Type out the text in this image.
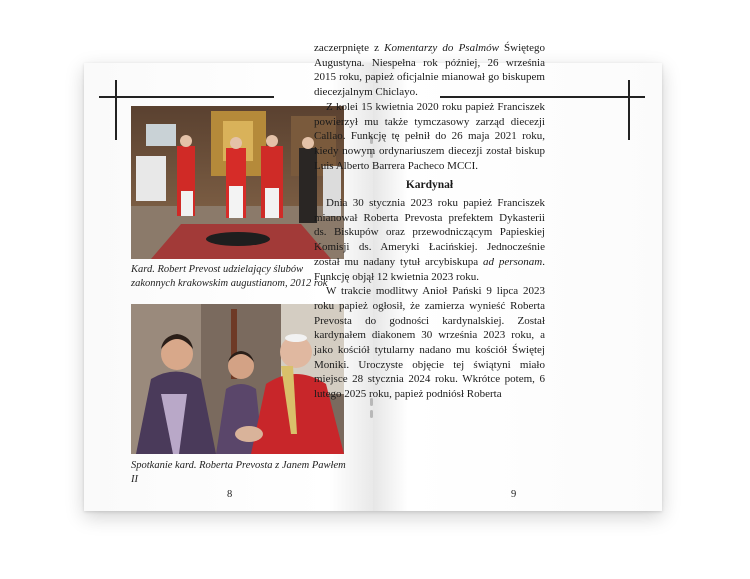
Kard. Robert Prevost udzielający ślubów zakonnych krakowskim augustianom, 2012 rok
Spotkanie kard. Roberta Prevosta z Janem Pawłem II
8	9

zaczerpnięte z Komentarzy do Psalmów Świętego Augustyna. Niespełna rok później, 26 września 2015 roku, papież oficjalnie mianował go biskupem diecezjalnym Chiclayo.

Z kolei 15 kwietnia 2020 roku papież Franciszek powierzył mu także tymczasowy zarząd diecezji Callao. Funkcję tę pełnił do 26 maja 2021 roku, kiedy nowym ordynariuszem diecezji został biskup Luis Alberto Barrera Pacheco MCCI.

Kardynał

Dnia 30 stycznia 2023 roku papież Franciszek mianował Roberta Prevosta prefektem Dykasterii ds. Biskupów oraz przewodniczącym Papieskiej Komisji ds. Ameryki Łacińskiej. Jednocześnie został mu nadany tytuł arcybiskupa ad personam. Funkcję objął 12 kwietnia 2023 roku.

W trakcie modlitwy Anioł Pański 9 lipca 2023 roku papież ogłosił, że zamierza wynieść Roberta Prevosta do godności kardynalskiej. Został kardynałem diakonem 30 września 2023 roku, a jako kościół tytularny nadano mu kościół Świętej Moniki. Uroczyste objęcie tej świątyni miało miejsce 28 stycznia 2024 roku. Wkrótce potem, 6 lutego 2025 roku, papież podniósł Roberta
